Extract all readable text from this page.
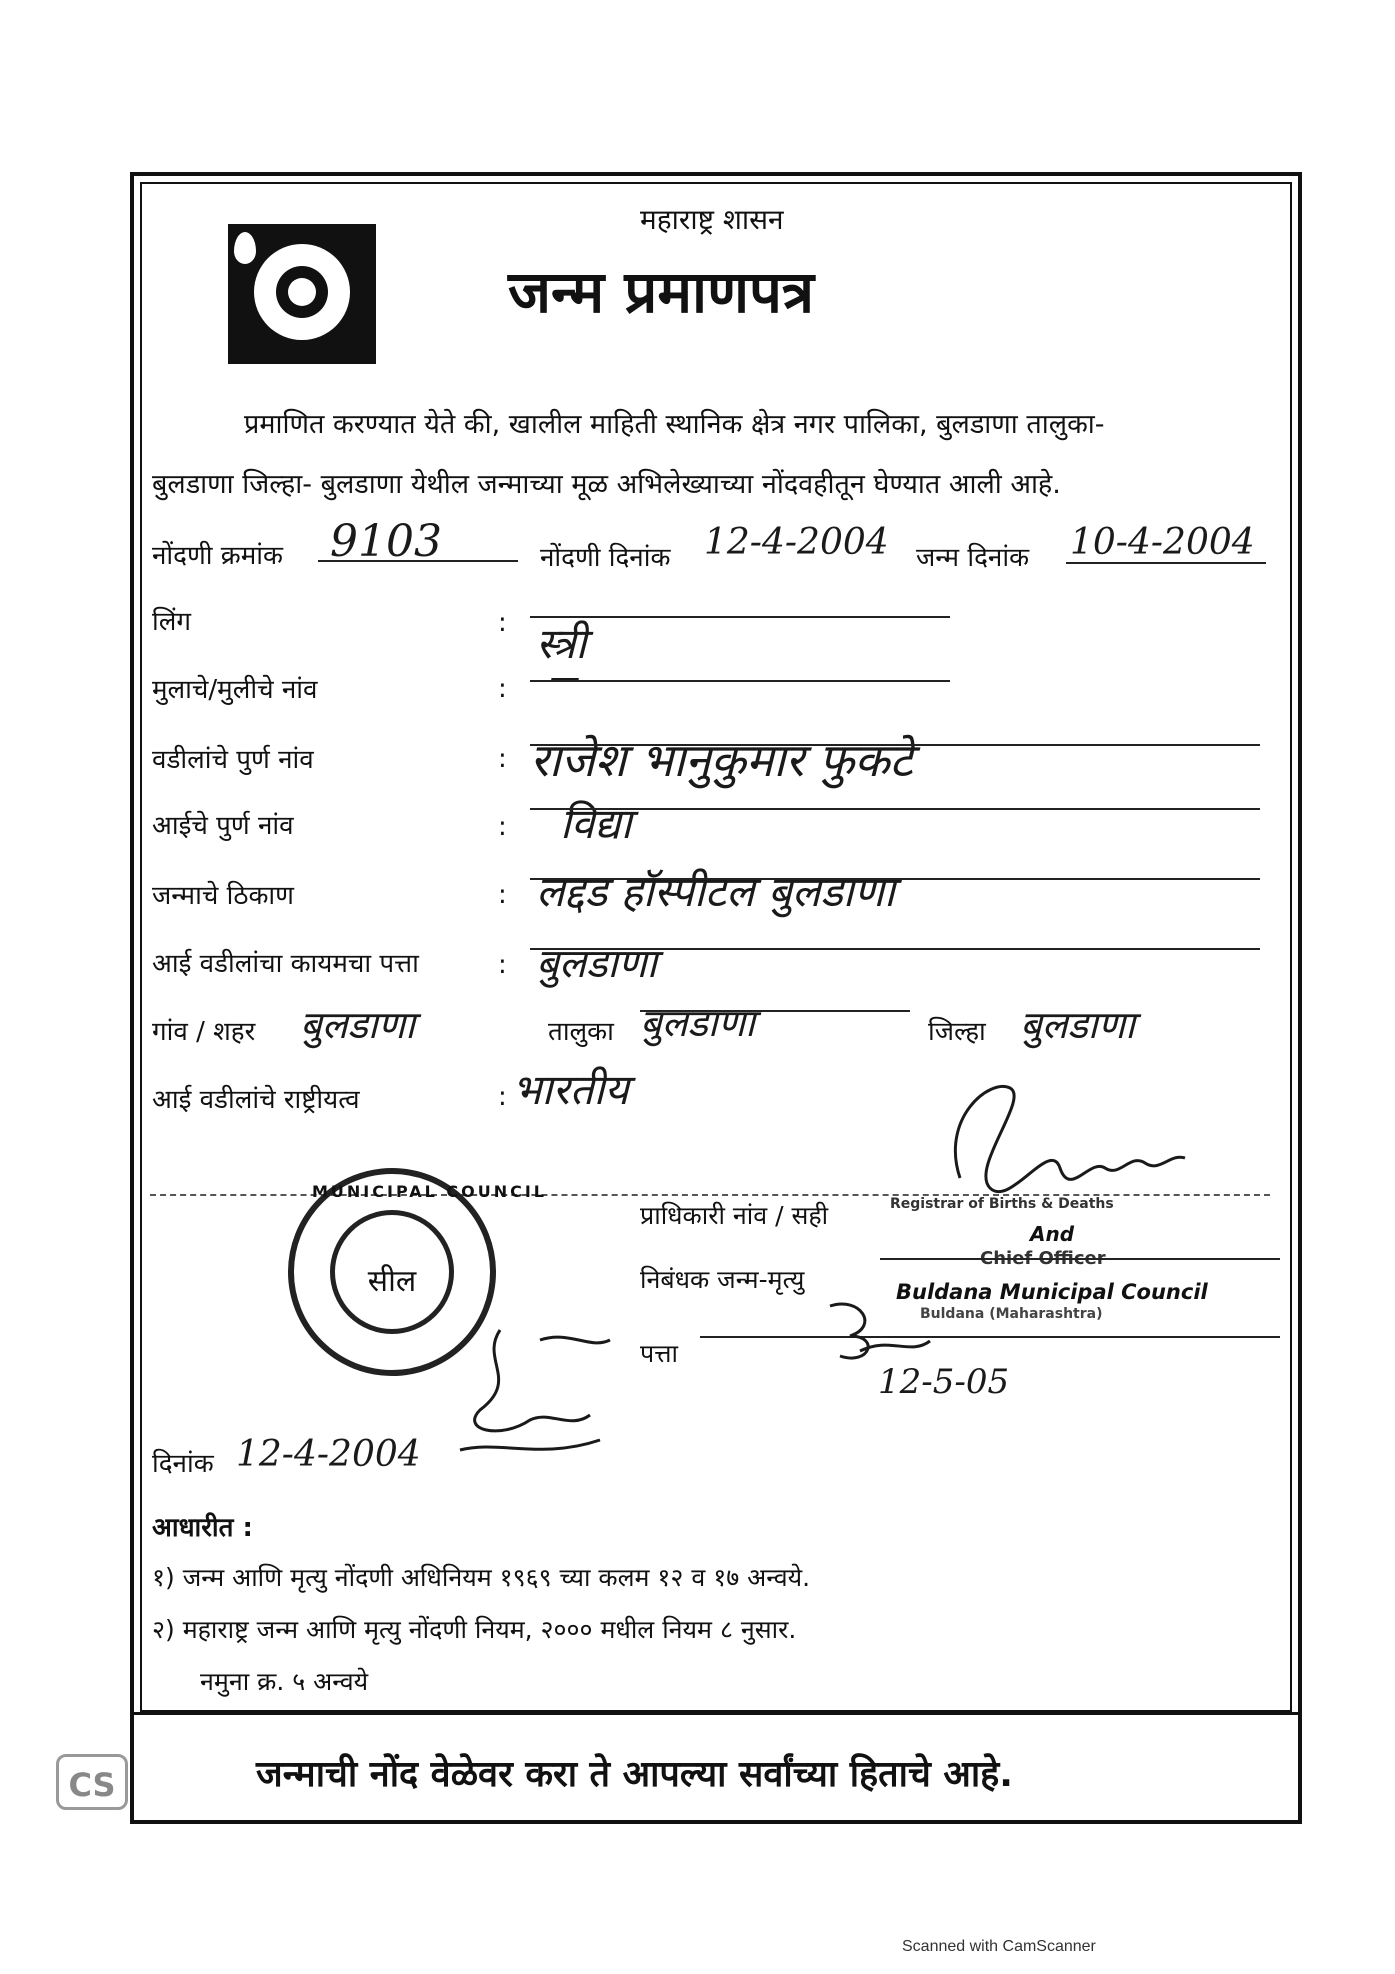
महाराष्ट्र शासन
जन्म प्रमाणपत्र
प्रमाणित करण्यात येते की, खालील माहिती स्थानिक क्षेत्र नगर पालिका, बुलडाणा तालुका-
बुलडाणा जिल्हा- बुलडाणा येथील जन्माच्या मूळ अभिलेख्याच्या नोंदवहीतून घेण्यात आली आहे.
नोंदणी क्रमांक 9103	नोंदणी दिनांक 12-4-2004 जन्म दिनांक 10-4-2004
लिंग	: स्त्री
मुलाचे/मुलीचे नांव	: —
वडीलांचे पुर्ण नांव	: राजेश भानुकुमार फुकटे
आईचे पुर्ण नांव	: विद्या
जन्माचे ठिकाण	: लद्दड हॉस्पीटल बुलडाणा
आई वडीलांचा कायमचा पत्ता	: बुलडाणा
गांव / शहर बुलडाणा	तालुका बुलडाणा	जिल्हा बुलडाणा
आई वडीलांचे राष्ट्रीयत्व	: भारतीय
प्राधिकारी नांव / सही	Registrar of Births & Deaths
And
Chief Officer
निबंधक जन्म-मृत्यु	Buldana Municipal Council
Buldana (Maharashtra)
पत्ता
12-5-05
MUNICIPAL COUNCIL
सील
दिनांक 12-4-2004
आधारीत :
१) जन्म आणि मृत्यु नोंदणी अधिनियम १९६९ च्या कलम १२ व १७ अन्वये.
२) महाराष्ट्र जन्म आणि मृत्यु नोंदणी नियम, २००० मधील नियम ८ नुसार.
नमुना क्र. ५ अन्वये
जन्माची नोंद वेळेवर करा ते आपल्या सर्वांच्या हिताचे आहे.
CS
Scanned with CamScanner
